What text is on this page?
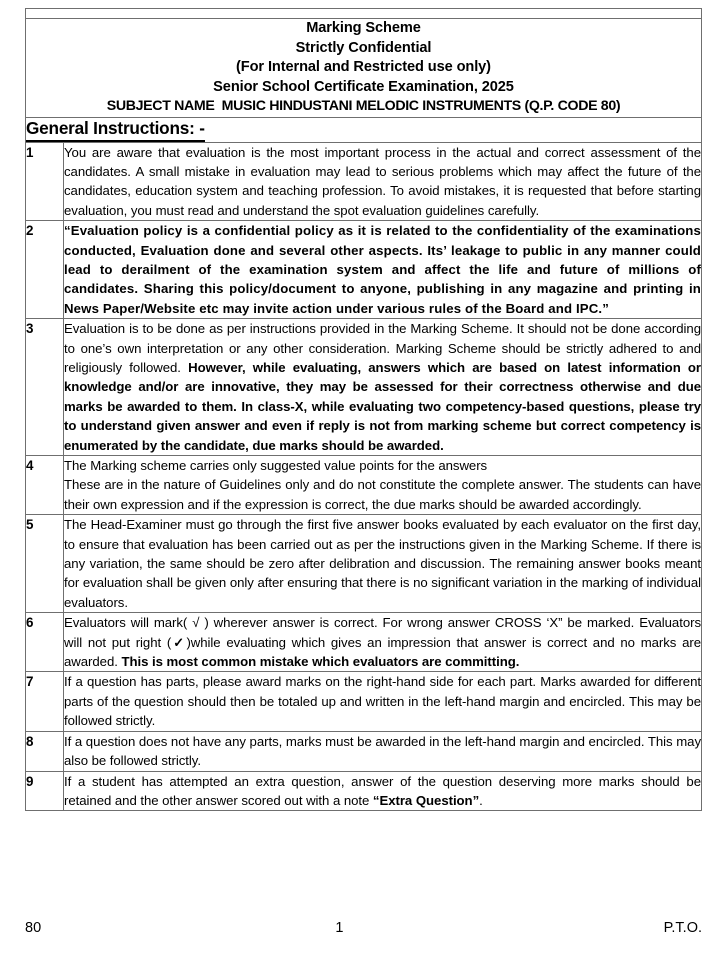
Marking Scheme
Strictly Confidential
(For Internal and Restricted use only)
Senior School Certificate Examination, 2025
SUBJECT NAME  MUSIC HINDUSTANI MELODIC INSTRUMENTS (Q.P. CODE 80)	

General Instructions: -	
1	You are aware that evaluation is the most important process in the actual and correct assessment of the candidates. A small mistake in evaluation may lead to serious problems which may affect the future of the candidates, education system and teaching profession. To avoid mistakes, it is requested that before starting evaluation, you must read and understand the spot evaluation guidelines carefully.

2	“Evaluation policy is a confidential policy as it is related to the confidentiality of the examinations conducted, Evaluation done and several other aspects. Its’ leakage to public in any manner could lead to derailment of the examination system and affect the life and future of millions of candidates. Sharing this policy/document to anyone, publishing in any magazine and printing in News Paper/Website etc may invite action under various rules of the Board and IPC.”

3	Evaluation is to be done as per instructions provided in the Marking Scheme. It should not be done according to one’s own interpretation or any other consideration. Marking Scheme should be strictly adhered to and religiously followed. However, while evaluating, answers which are based on latest information or knowledge and/or are innovative, they may be assessed for their correctness otherwise and due marks be awarded to them. In class-X, while evaluating two competency-based questions, please try to understand given answer and even if reply is not from marking scheme but correct competency is enumerated by the candidate, due marks should be awarded.

4	The Marking scheme carries only suggested value points for the answers

These are in the nature of Guidelines only and do not constitute the complete answer. The students can have their own expression and if the expression is correct, the due marks should be awarded accordingly.

5	The Head-Examiner must go through the first five answer books evaluated by each evaluator on the first day, to ensure that evaluation has been carried out as per the instructions given in the Marking Scheme. If there is any variation, the same should be zero after delibration and discussion. The remaining answer books meant for evaluation shall be given only after ensuring that there is no significant variation in the marking of individual evaluators.

6	Evaluators will mark( √ ) wherever answer is correct. For wrong answer CROSS ‘X” be marked. Evaluators will not put right (✓)while evaluating which gives an impression that answer is correct and no marks are awarded. This is most common mistake which evaluators are committing.

7	If a question has parts, please award marks on the right-hand side for each part. Marks awarded for different parts of the question should then be totaled up and written in the left-hand margin and encircled. This may be followed strictly.

8	If a question does not have any parts, marks must be awarded in the left-hand margin and encircled. This may also be followed strictly.

9	If a student has attempted an extra question, answer of the question deserving more marks should be retained and the other answer scored out with a note “Extra Question”.

80	1	P.T.O.
